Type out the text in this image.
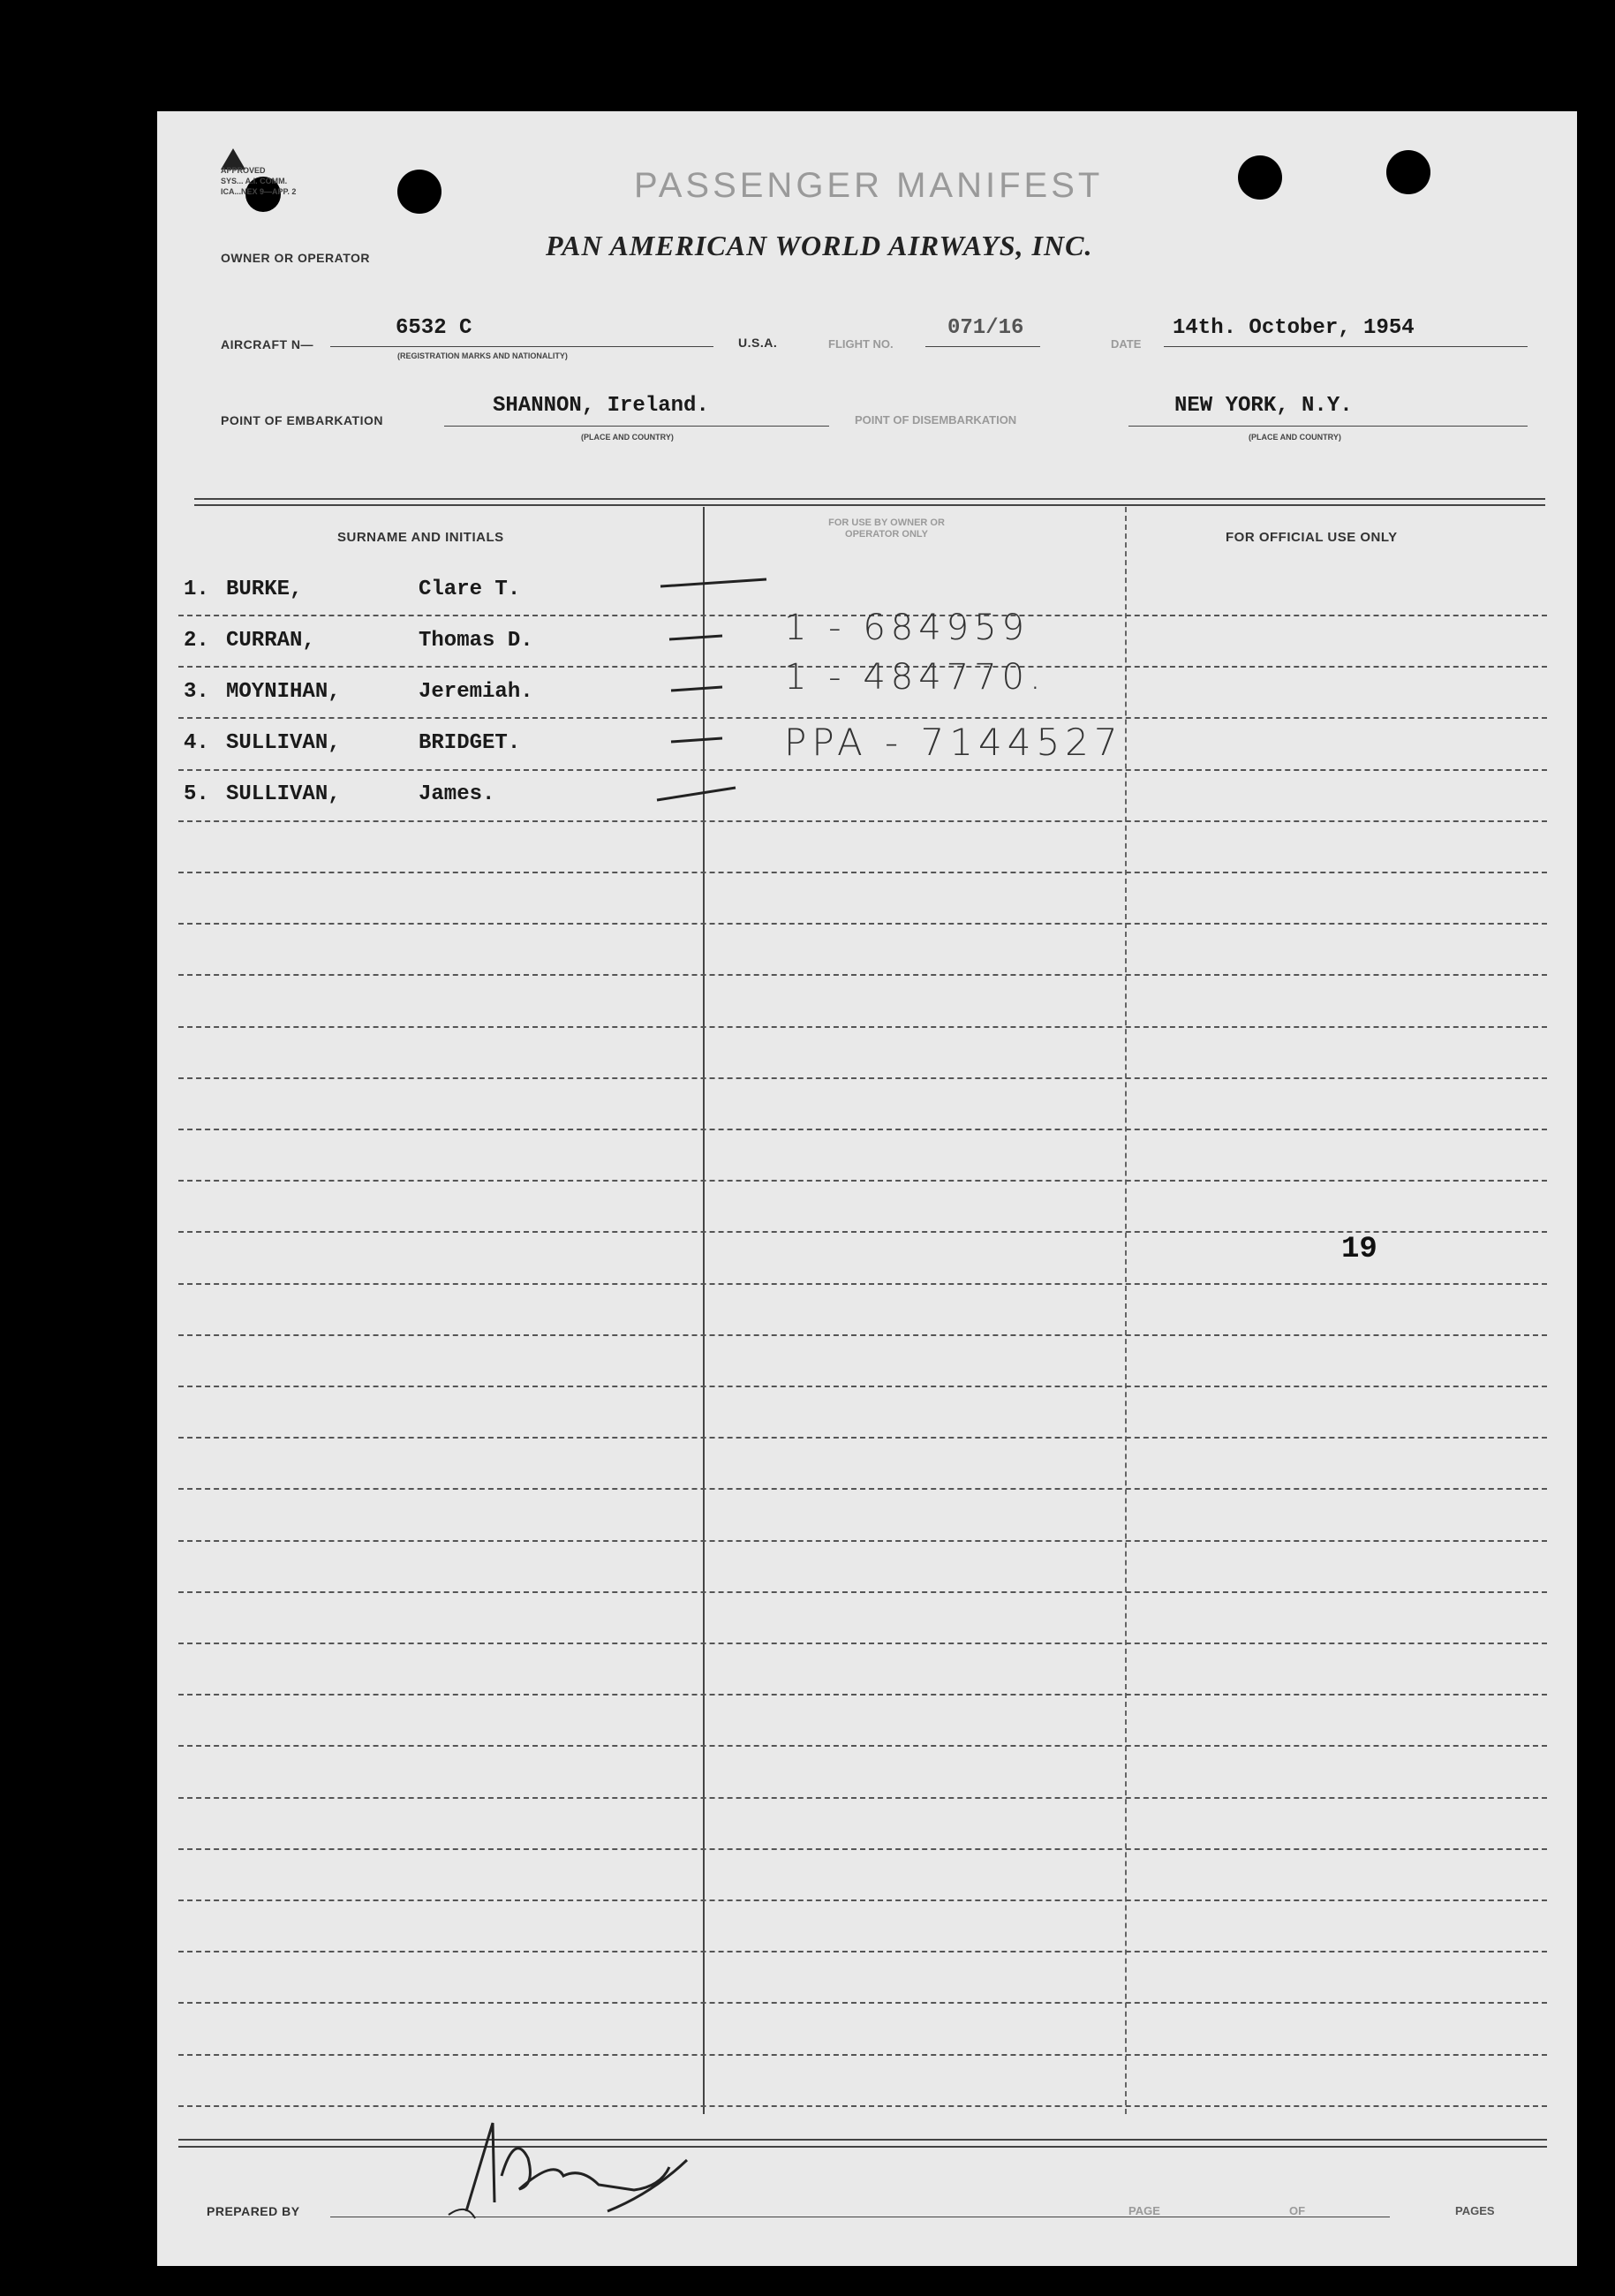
APPROVED
SYS... A.I. COMM.
ICA...NEX 9—APP. 2	PASSENGER MANIFEST
PAN AMERICAN WORLD AIRWAYS, INC.
OWNER OR OPERATOR
AIRCRAFT N—
6532 C
(REGISTRATION MARKS AND NATIONALITY)
U.S.A.	FLIGHT NO.
071/16
DATE
14th. October, 1954
POINT OF EMBARKATION
SHANNON, Ireland.
(PLACE AND COUNTRY)
POINT OF DISEMBARKATION
NEW YORK, N.Y.
(PLACE AND COUNTRY)
SURNAME AND INITIALS
FOR USE BY OWNER OR OPERATOR ONLY	FOR OFFICIAL USE ONLY
1. BURKE,	Clare T.
2. CURRAN,	Thomas D.	1 - 684959
3. MOYNIHAN,	Jeremiah.	1 - 484770.
4. SULLIVAN,	BRIDGET.	PPA - 7144527
5. SULLIVAN,	James.
19
PREPARED BY	PAGE	OF	PAGES
